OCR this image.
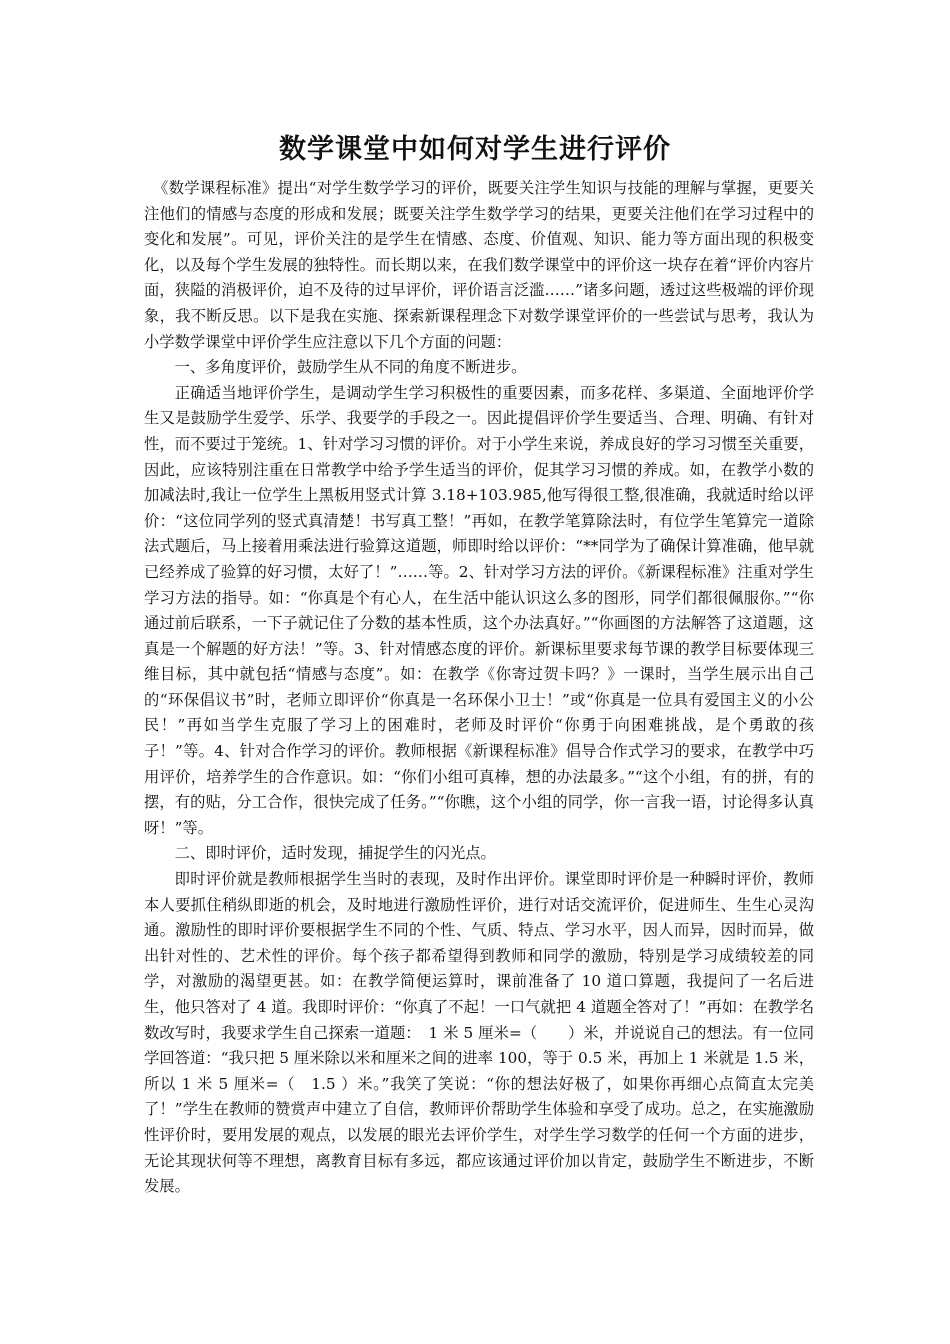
数学课堂中如何对学生进行评价

《数学课程标准》提出“对学生数学学习的评价，既要关注学生知识与技能的理解与掌握，更要关注他们的情感与态度的形成和发展；既要关注学生数学学习的结果，更要关注他们在学习过程中的变化和发展”。可见，评价关注的是学生在情感、态度、价值观、知识、能力等方面出现的积极变化，以及每个学生发展的独特性。而长期以来，在我们数学课堂中的评价这一块存在着“评价内容片面，狭隘的消极评价，迫不及待的过早评价，评价语言泛滥……”诸多问题，透过这些极端的评价现象，我不断反思。以下是我在实施、探索新课程理念下对数学课堂评价的一些尝试与思考，我认为小学数学课堂中评价学生应注意以下几个方面的问题：

一、多角度评价，鼓励学生从不同的角度不断进步。

正确适当地评价学生，是调动学生学习积极性的重要因素，而多花样、多渠道、全面地评价学生又是鼓励学生爱学、乐学、我要学的手段之一。因此提倡评价学生要适当、合理、明确、有针对性，而不要过于笼统。1、针对学习习惯的评价。对于小学生来说，养成良好的学习习惯至关重要，因此，应该特别注重在日常教学中给予学生适当的评价，促其学习习惯的养成。如，在教学小数的加减法时,我让一位学生上黑板用竖式计算 3.18+103.985,他写得很工整,很准确，我就适时给以评价：“这位同学列的竖式真清楚！书写真工整！”再如，在教学笔算除法时，有位学生笔算完一道除法式题后，马上接着用乘法进行验算这道题，师即时给以评价：“**同学为了确保计算准确，他早就已经养成了验算的好习惯，太好了！”……等。2、针对学习方法的评价。《新课程标准》注重对学生学习方法的指导。如：“你真是个有心人，在生活中能认识这么多的图形，同学们都很佩服你。”“你通过前后联系，一下子就记住了分数的基本性质，这个办法真好。”“你画图的方法解答了这道题，这真是一个解题的好方法！”等。3、针对情感态度的评价。新课标里要求每节课的教学目标要体现三维目标，其中就包括“情感与态度”。如：在教学《你寄过贺卡吗？》一课时，当学生展示出自己的“环保倡议书”时，老师立即评价“你真是一名环保小卫士！”或“你真是一位具有爱国主义的小公民！”再如当学生克服了学习上的困难时，老师及时评价“你勇于向困难挑战，是个勇敢的孩子！”等。4、针对合作学习的评价。教师根据《新课程标准》倡导合作式学习的要求，在教学中巧用评价，培养学生的合作意识。如：“你们小组可真棒，想的办法最多。”“这个小组，有的拼，有的摆，有的贴，分工合作，很快完成了任务。”“你瞧，这个小组的同学，你一言我一语，讨论得多认真呀！”等。

二、即时评价，适时发现，捕捉学生的闪光点。

即时评价就是教师根据学生当时的表现，及时作出评价。课堂即时评价是一种瞬时评价，教师本人要抓住稍纵即逝的机会，及时地进行激励性评价，进行对话交流评价，促进师生、生生心灵沟通。激励性的即时评价要根据学生不同的个性、气质、特点、学习水平，因人而异，因时而异，做出针对性的、艺术性的评价。每个孩子都希望得到教师和同学的激励，特别是学习成绩较差的同学，对激励的渴望更甚。如：在教学简便运算时，课前准备了 10 道口算题，我提问了一名后进生，他只答对了 4 道。我即时评价：“你真了不起！一口气就把 4 道题全答对了！”再如：在教学名数改写时，我要求学生自己探索一道题：　1 米 5 厘米=（　　）米，并说说自己的想法。有一位同学回答道：“我只把 5 厘米除以米和厘米之间的进率 100，等于 0.5 米，再加上 1 米就是 1.5 米，所以 1 米 5 厘米=（　1.5 ）米。”我笑了笑说：“你的想法好极了，如果你再细心点简直太完美了！”学生在教师的赞赏声中建立了自信，教师评价帮助学生体验和享受了成功。总之，在实施激励性评价时，要用发展的观点，以发展的眼光去评价学生，对学生学习数学的任何一个方面的进步，无论其现状何等不理想，离教育目标有多远，都应该通过评价加以肯定，鼓励学生不断进步，不断发展。
